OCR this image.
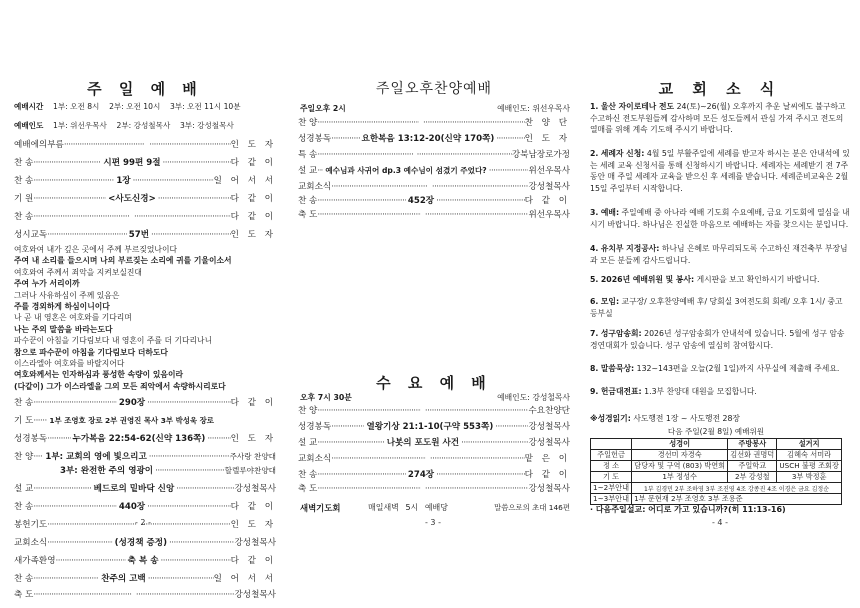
주 일 예 배
예배시간 1부: 오전 8시 2부: 오전 10시 3부: 오전 11시 10분
예배인도 1부: 위선우목사 2부: 강성철목사 3부: 강성철목사
예배에의부름 ····· ·····	인 도 자
찬 송 ·····	시편 99편 9절 ·····	다 같 이
찬 송 ·····	1장 ·····	일 어 서 서
기 원 ·····	<사도신경> ·····	다 같 이
찬 송 ····· ·····	다 같 이
성시교독 ·····	57번 ·····	인 도 자
여호와여 내가 깊은 곳에서 주께 부르짖었나이다
주여 내 소리를 들으시며 나의 부르짖는 소리에 귀를 기울이소서
여호와여 주께서 죄악을 지켜보실진대
주여 누가 서리이까
그러나 사유하심이 주께 있음은
주를 경외하게 하심이니이다
나 곧 내 영혼은 여호와를 기다리며
나는 주의 말씀을 바라는도다
파수꾼이 아침을 기다림보다 내 영혼이 주를 더 기다리나니
참으로 파수꾼이 아침을 기다림보다 더하도다
이스라엘아 여호와를 바랄지어다
여호와께서는 인자하심과 풍성한 속량이 있음이라
(다같이) 그가 이스라엘을 그의 모든 죄악에서 속량하시리로다
찬 송 ·····	290장 ·····	다 같 이
기 도 ····· 1부 조영호 장로 2부 권영진 목사 3부 박성욱 장로
성경봉독 ·····	누가복음 22:54-62(신약 136쪽) ·····	인 도 자
찬 양 ····· 1부: 교회의 영에 빛으리고 ·····	주사랑 찬양대
3부: 완전한 주의 영광이 ·····	할렐루야찬양대
설 교 ·····	베드로의 밑바닥 신앙 ·····	강성철목사
찬 송 ·····	440장 ·····	다 같 이
봉헌기도 ····· ·····	인 도 자
교회소식 ·····	(성경책 증정) ·····	강성철목사
새가족환영 ·····	축 복 송 ·····	다 같 이
찬 송 ·····	찬주의 고백 ·····	일 어 서 서
축 도 ····· ·····	강성철목사
주일오후찬양예배
주일오후 2시	예배인도: 위선우목사
찬 양 ····· ·····	찬 양 단
성경봉독 ·····	요한복음 13:12-20(신약 170쪽) ·····	인 도 자
특 송 ····· ·····	강북남장로가정
설 교 ····· 예수님과 사귀어 dp.3 예수님이 섬겼기 주었다? ·····	위선우목사
교회소식 ····· ·····	강성철목사
찬 송 ·····	452장 ·····	다 같 이
축 도 ····· ·····	위선우목사
수 요 예 배
오후 7시 30분	예배인도: 강성철목사
찬 양 ····· ·····	수요찬양단
성경봉독 ·····	열왕기상 21:1-10(구약 553쪽) ·····	강성철목사
설 교 ·····	나봇의 포도원 사건 ·····	강성철목사
교회소식 ····· ·····	맡 은 이
찬 송 ·····	274장 ·····	다 같 이
축 도 ····· ·····	강성철목사
새벽기도회	매일새벽 5시 예배당	말씀으로의 초대 146편
교 회 소 식
1. 울산 자이로테나 전도 24(토)~26(월) 오후까지 추운 날씨에도 불구하고 수고하신 전도부원들께 감사하며 모든 성도들께서 관심 가져 주시고 전도의 열매를 위해 계속 기도해 주시기 바랍니다.
2. 세례자 신청: 4월 5일 부활주일에 세례를 받고자 하시는 분은 안내석에 있는 세례 교육 신청서를 통해 신청하시기 바랍니다. 세례자는 세례받기 전 7주 동안 매 주일 세례자 교육을 받으신 후 세례를 받습니다. 세례준비교육은 2월 15일 주일부터 시작합니다.
3. 예배: 주일예배 중 아나라 예배 기도회 수요예배, 금요 기도회에 열심을 내시기 바랍니다. 하나님은 진실한 마음으로 예배하는 자를 찾으시는 분입니다.
4. 유치부 지정공사: 하나님 은혜로 마무리되도록 수고하신 재건축부 부장님과 모든 분들께 감사드립니다.
5. 2026년 예배위원 및 봉사: 게시판을 보고 확인하시기 바랍니다.
6. 모임: 교구장/ 오후찬양예배 후/ 당회실 3여전도회 회례/ 오후 1시/ 중고등부실
7. 성구암송회: 2026년 성구암송회가 안내석에 있습니다. 5월에 성구 암송경연대회가 있습니다. 성구 암송에 열심히 참여합시다.
8. 말씀묵상: 132~143편을 오늘(2월 1일)까지 사무실에 제출해 주세요.
9. 헌금대전표: 1.3부 찬양대 대원을 모집합니다.
※성경읽기: 사도행전 1장 ~ 사도행전 28장
다음 주일(2월 8일) 예배위원
	성경이	주방봉사	설거지
주일헌금	경선미 자경숙	김선화 권명덕	김혜숙 서미라
정 소	담당자 및 구역 (803) 박연희	주일학교	USCH 불평 조회장
기 도	1부 정성수	2부 강성철	3부 박정훈
1~2부안내	1부 김경민 2부 조하영 3부 조진영 4조 강종진 4조 이경은 금요 김정순		
1~3부안내	1부 문현재 2부 조영호 3부 조용준		
· 다음주일설교: 어디로 가고 있습니까?(히 11:13-16)
- 2 -	- 3 -	- 4 -
